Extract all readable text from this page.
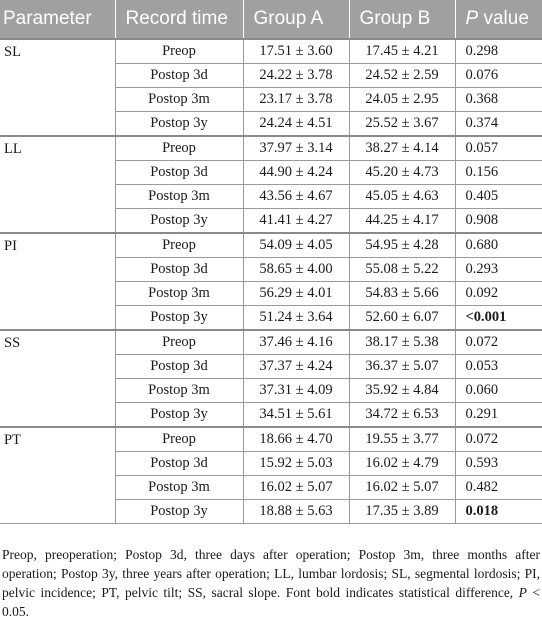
Parameter	Record time	Group A	Group B	P value
SL	Preop	17.51 ± 3.60	17.45 ± 4.21	0.298
	Postop 3d	24.22 ± 3.78	24.52 ± 2.59	0.076
	Postop 3m	23.17 ± 3.78	24.05 ± 2.95	0.368
	Postop 3y	24.24 ± 4.51	25.52 ± 3.67	0.374
LL	Preop	37.97 ± 3.14	38.27 ± 4.14	0.057
	Postop 3d	44.90 ± 4.24	45.20 ± 4.73	0.156
	Postop 3m	43.56 ± 4.67	45.05 ± 4.63	0.405
	Postop 3y	41.41 ± 4.27	44.25 ± 4.17	0.908
PI	Preop	54.09 ± 4.05	54.95 ± 4.28	0.680
	Postop 3d	58.65 ± 4.00	55.08 ± 5.22	0.293
	Postop 3m	56.29 ± 4.01	54.83 ± 5.66	0.092
	Postop 3y	51.24 ± 3.64	52.60 ± 6.07	<0.001
SS	Preop	37.46 ± 4.16	38.17 ± 5.38	0.072
	Postop 3d	37.37 ± 4.24	36.37 ± 5.07	0.053
	Postop 3m	37.31 ± 4.09	35.92 ± 4.84	0.060
	Postop 3y	34.51 ± 5.61	34.72 ± 6.53	0.291
PT	Preop	18.66 ± 4.70	19.55 ± 3.77	0.072
	Postop 3d	15.92 ± 5.03	16.02 ± 4.79	0.593
	Postop 3m	16.02 ± 5.07	16.02 ± 5.07	0.482
	Postop 3y	18.88 ± 5.63	17.35 ± 3.89	0.018
Preop, preoperation; Postop 3d, three days after operation; Postop 3m, three months after operation; Postop 3y, three years after operation; LL, lumbar lordosis; SL, segmental lordosis; PI, pelvic incidence; PT, pelvic tilt; SS, sacral slope. Font bold indicates statistical difference, P < 0.05.
